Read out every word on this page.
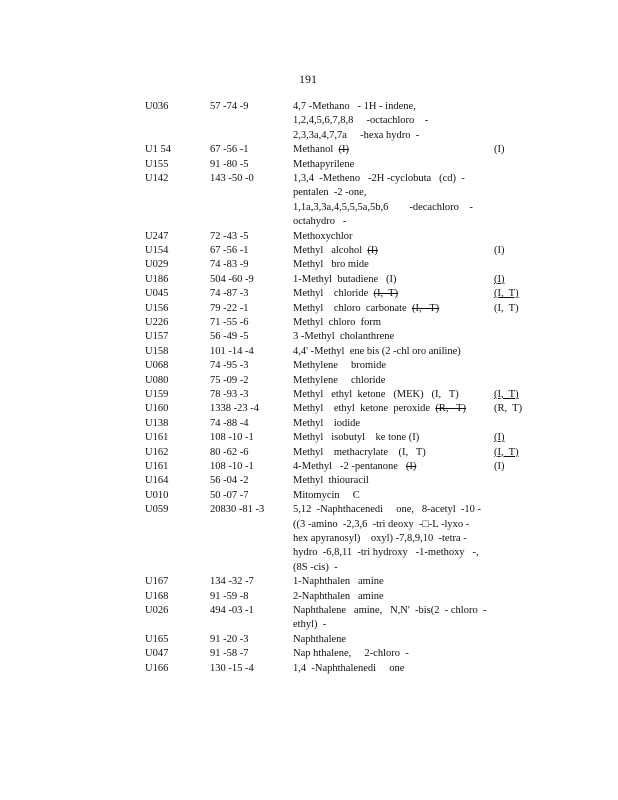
191
U036	57 -74 -9	4,7 -Methano   - 1H - indene,
1,2,4,5,6,7,8,8     -octachloro    -
2,3,3a,4,7,7a     -hexa hydro  -
U1 54	67 -56 -1	Methanol  (I)	(I)
U155	91 -80 -5	Methapyrilene
U142	143 -50 -0	1,3,4  -Metheno   -2H -cyclobuta   (cd)  -
pentalen  -2 -one,
1,1a,3,3a,4,5,5,5a,5b,6        -decachloro    -
octahydro   -
U247	72 -43 -5	Methoxychlor
U154	67 -56 -1	Methyl   alcohol  (I)	(I)
U029	74 -83 -9	Methyl   bro mide
U186	504 -60 -9	1-Methyl  butadiene   (I)	(I)
U045	74 -87 -3	Methyl    chloride  (I,  T)	(I,  T)
U156	79 -22 -1	Methyl    chloro  carbonate  (I,   T)	(I,  T)
U226	71 -55 -6	Methyl  chloro  form
U157	56 -49 -5	3 -Methyl  cholanthrene
U158	101 -14 -4	4,4' -Methyl  ene bis (2 -chl oro aniline)
U068	74 -95 -3	Methylene     bromide
U080	75 -09 -2	Methylene     chloride
U159	78 -93 -3	Methyl   ethyl  ketone   (MEK)   (I,   T)	(I,  T)
U160	1338 -23 -4	Methyl    ethyl  ketone  peroxide  (R,   T)	(R,  T)
U138	74 -88 -4	Methyl    iodide
U161	108 -10 -1	Methyl   isobutyl    ke tone (I)	(I)
U162	80 -62 -6	Methyl    methacrylate    (I,   T)	(I,  T)
U161	108 -10 -1	4-Methyl   -2 -pentanone   (I)	(I)
U164	56 -04 -2	Methyl  thiouracil
U010	50 -07 -7	Mitomycin     C
U059	20830 -81 -3	5,12  -Naphthacenedi     one,   8-acetyl  -10 -
((3 -amino  -2,3,6  -tri deoxy  -□-L -lyxo -
hex apyranosyl)    oxyl) -7,8,9,10  -tetra -
hydro  -6,8,11  -tri hydroxy   -1-methoxy   -,
(8S -cis)  -
U167	134 -32 -7	1-Naphthalen   amine
U168	91 -59 -8	2-Naphthalen   amine
U026	494 -03 -1	Naphthalene   amine,   N,N'  -bis(2  - chloro  -
ethyl)  -
U165	91 -20 -3	Naphthalene
U047	91 -58 -7	Nap hthalene,     2-chloro  -
U166	130 -15 -4	1,4  -Naphthalenedi     one
